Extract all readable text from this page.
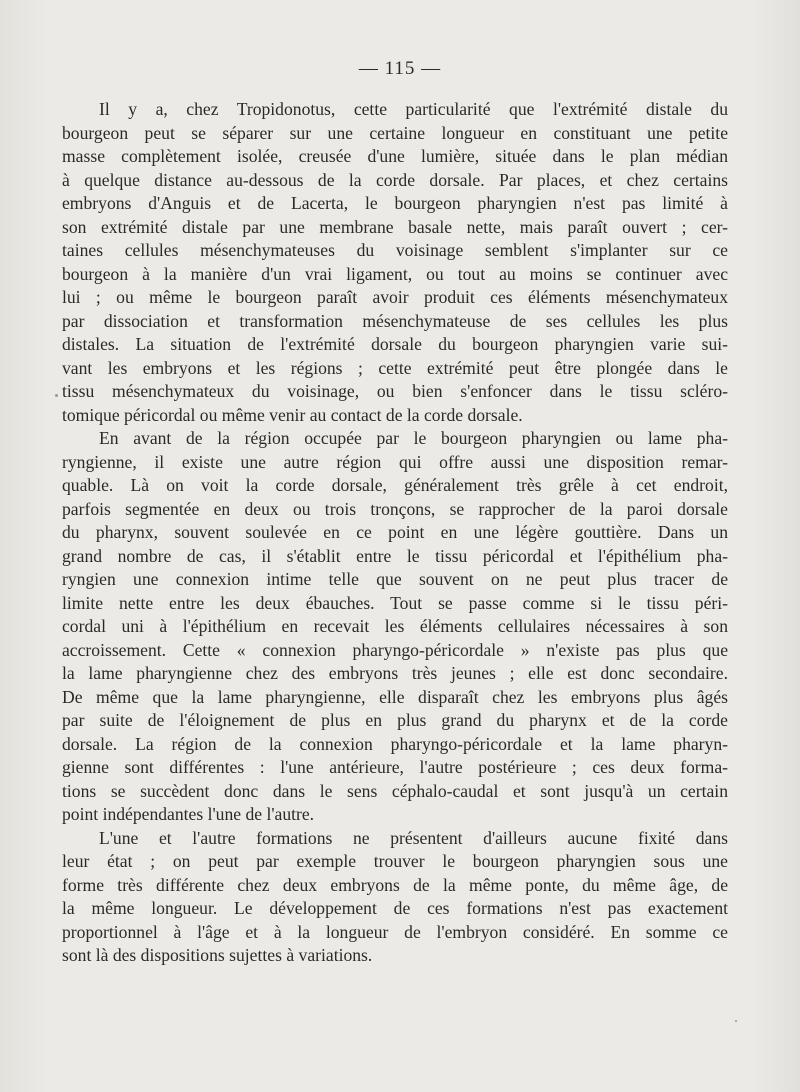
— 115 —
Il y a, chez Tropidonotus, cette particularité que l'extrémité distale du
bourgeon peut se séparer sur une certaine longueur en constituant une petite
masse complètement isolée, creusée d'une lumière, située dans le plan médian
à quelque distance au-dessous de la corde dorsale. Par places, et chez certains
embryons d'Anguis et de Lacerta, le bourgeon pharyngien n'est pas limité à
son extrémité distale par une membrane basale nette, mais paraît ouvert ; cer-
taines cellules mésenchymateuses du voisinage semblent s'implanter sur ce
bourgeon à la manière d'un vrai ligament, ou tout au moins se continuer avec
lui ; ou même le bourgeon paraît avoir produit ces éléments mésenchymateux
par dissociation et transformation mésenchymateuse de ses cellules les plus
distales. La situation de l'extrémité dorsale du bourgeon pharyngien varie sui-
vant les embryons et les régions ; cette extrémité peut être plongée dans le
tissu mésenchymateux du voisinage, ou bien s'enfoncer dans le tissu scléro-
tomique péricordal ou même venir au contact de la corde dorsale.
En avant de la région occupée par le bourgeon pharyngien ou lame pha-
ryngienne, il existe une autre région qui offre aussi une disposition remar-
quable. Là on voit la corde dorsale, généralement très grêle à cet endroit,
parfois segmentée en deux ou trois tronçons, se rapprocher de la paroi dorsale
du pharynx, souvent soulevée en ce point en une légère gouttière. Dans un
grand nombre de cas, il s'établit entre le tissu péricordal et l'épithélium pha-
ryngien une connexion intime telle que souvent on ne peut plus tracer de
limite nette entre les deux ébauches. Tout se passe comme si le tissu péri-
cordal uni à l'épithélium en recevait les éléments cellulaires nécessaires à son
accroissement. Cette « connexion pharyngo-péricordale » n'existe pas plus que
la lame pharyngienne chez des embryons très jeunes ; elle est donc secondaire.
De même que la lame pharyngienne, elle disparaît chez les embryons plus âgés
par suite de l'éloignement de plus en plus grand du pharynx et de la corde
dorsale. La région de la connexion pharyngo-péricordale et la lame pharyn-
gienne sont différentes : l'une antérieure, l'autre postérieure ; ces deux forma-
tions se succèdent donc dans le sens céphalo-caudal et sont jusqu'à un certain
point indépendantes l'une de l'autre.
L'une et l'autre formations ne présentent d'ailleurs aucune fixité dans
leur état ; on peut par exemple trouver le bourgeon pharyngien sous une
forme très différente chez deux embryons de la même ponte, du même âge, de
la même longueur. Le développement de ces formations n'est pas exactement
proportionnel à l'âge et à la longueur de l'embryon considéré. En somme ce
sont là des dispositions sujettes à variations.
